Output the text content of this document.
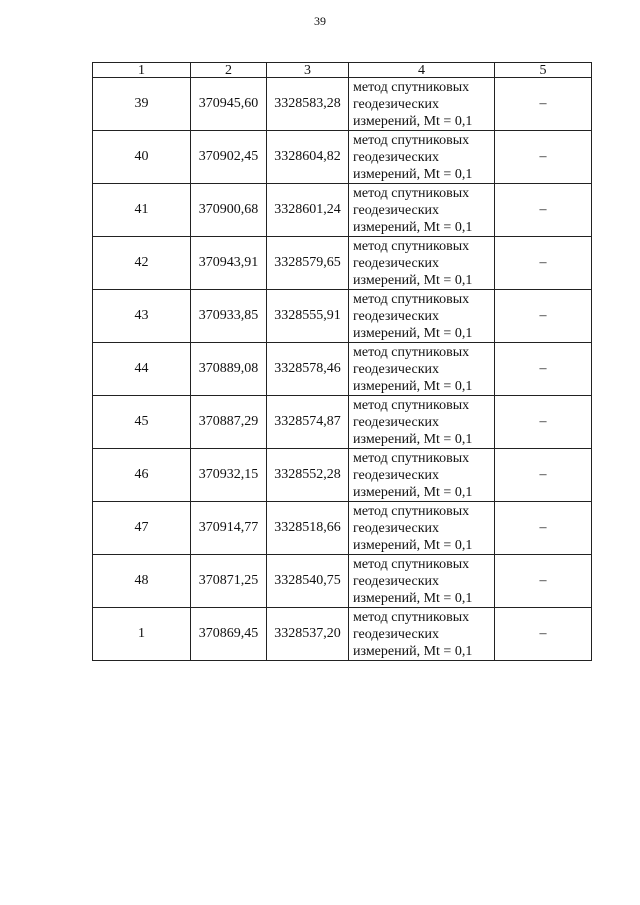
39
1	2	3	4	5
39	370945,60	3328583,28	метод спутниковых
геодезических
измерений, Mt = 0,1	–
40	370902,45	3328604,82	метод спутниковых
геодезических
измерений, Mt = 0,1	–
41	370900,68	3328601,24	метод спутниковых
геодезических
измерений, Mt = 0,1	–
42	370943,91	3328579,65	метод спутниковых
геодезических
измерений, Mt = 0,1	–
43	370933,85	3328555,91	метод спутниковых
геодезических
измерений, Mt = 0,1	–
44	370889,08	3328578,46	метод спутниковых
геодезических
измерений, Mt = 0,1	–
45	370887,29	3328574,87	метод спутниковых
геодезических
измерений, Mt = 0,1	–
46	370932,15	3328552,28	метод спутниковых
геодезических
измерений, Mt = 0,1	–
47	370914,77	3328518,66	метод спутниковых
геодезических
измерений, Mt = 0,1	–
48	370871,25	3328540,75	метод спутниковых
геодезических
измерений, Mt = 0,1	–
1	370869,45	3328537,20	метод спутниковых
геодезических
измерений, Mt = 0,1	–
